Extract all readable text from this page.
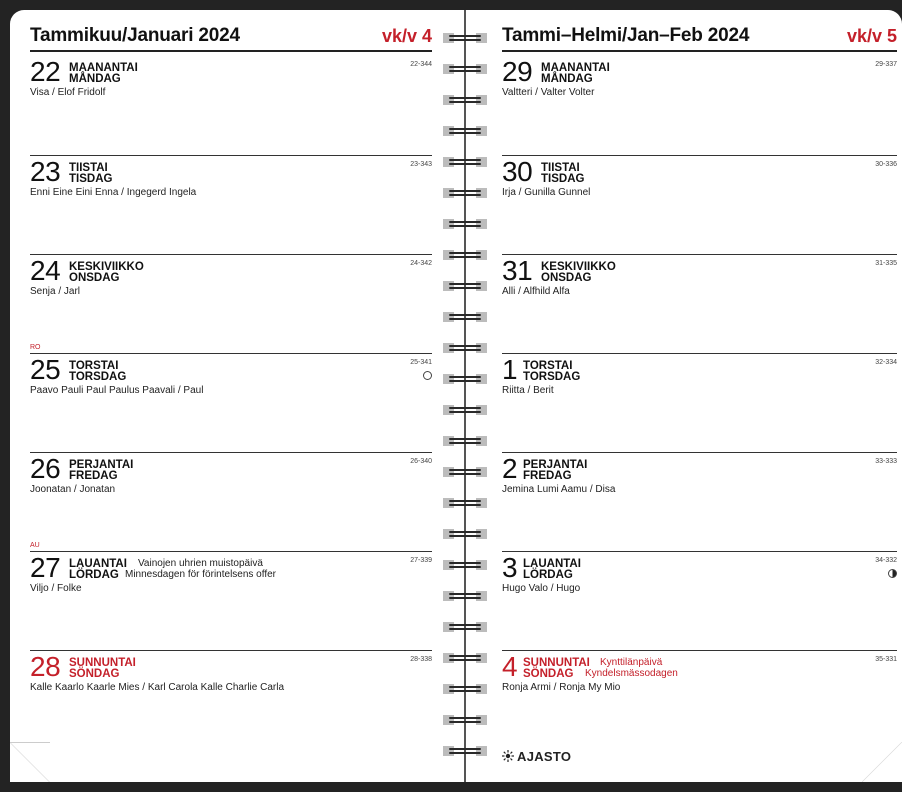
Tammikuu/Januari 2024	vk/v 4	Tammi–Helmi/Jan–Feb 2024	vk/v 5
22 MAANANTAI
MÅNDAG
Visa / Elof Fridolf
22-344
23 TIISTAI
TISDAG
Enni Eine Eini Enna / Ingegerd Ingela
23-343
24 KESKIVIIKKO
ONSDAG
Senja / Jarl
24-342
RO
25 TORSTAI
TORSDAG
Paavo Pauli Paul Paulus Paavali / Paul
25-341
26 PERJANTAI
FREDAG
Joonatan / Jonatan
26-340
AU
27 LAUANTAI
LÖRDAG
Vainojen uhrien muistopäivä
Minnesdagen för förintelsens offer
Viljo / Folke
27-339
28 SUNNUNTAI
SÖNDAG
Kalle Kaarlo Kaarle Mies / Karl Carola Kalle Charlie Carla
28-338
29 MAANANTAI
MÅNDAG
Valtteri / Valter Volter
29-337
30 TIISTAI
TISDAG
Irja / Gunilla Gunnel
30-336
31 KESKIVIIKKO
ONSDAG
Alli / Alfhild Alfa
31-335
1 TORSTAI
TORSDAG
Riitta / Berit
32-334
2 PERJANTAI
FREDAG
Jemina Lumi Aamu / Disa
33-333
3 LAUANTAI
LÖRDAG
Hugo Valo / Hugo
34-332
4 SUNNUNTAI
SÖNDAG
Kynttilänpäivä
Kyndelsmässodagen
Ronja Armi / Ronja My Mio
35-331
AJASTO
